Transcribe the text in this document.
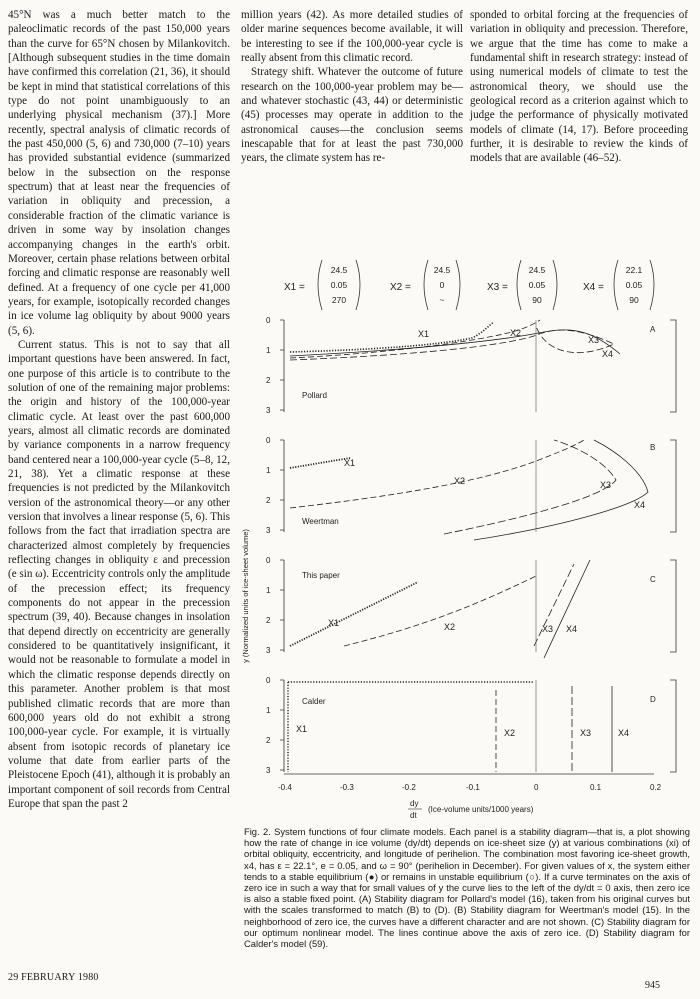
45°N was a much better match to the paleoclimatic records of the past 150,000 years than the curve for 65°N chosen by Milankovitch. [Although subsequent studies in the time domain have confirmed this correlation (21, 36), it should be kept in mind that statistical correlations of this type do not point unambiguously to an underlying physical mechanism (37).] More recently, spectral analysis of climatic records of the past 450,000 (5, 6) and 730,000 (7–10) years has provided substantial evidence (summarized below in the subsection on the response spectrum) that at least near the frequencies of variation in obliquity and precession, a considerable fraction of the climatic variance is driven in some way by insolation changes accompanying changes in the earth's orbit. Moreover, certain phase relations between orbital forcing and climatic response are reasonably well defined. At a frequency of one cycle per 41,000 years, for example, isotopically recorded changes in ice volume lag obliquity by about 9000 years (5, 6).

Current status. This is not to say that all important questions have been answered. In fact, one purpose of this article is to contribute to the solution of one of the remaining major problems: the origin and history of the 100,000-year climatic cycle. At least over the past 600,000 years, almost all climatic records are dominated by variance components in a narrow frequency band centered near a 100,000-year cycle (5–8, 12, 21, 38). Yet a climatic response at these frequencies is not predicted by the Milankovitch version of the astronomical theory—or any other version that involves a linear response (5, 6). This follows from the fact that irradiation spectra are characterized almost completely by frequencies reflecting changes in obliquity ε and precession (e sin ω). Eccentricity controls only the amplitude of the precession effect; its frequency components do not appear in the precession spectrum (39, 40). Because changes in insolation that depend directly on eccentricity are generally considered to be quantitatively insignificant, it would not be reasonable to formulate a model in which the climatic response depends directly on this parameter. Another problem is that most published climatic records that are more than 600,000 years old do not exhibit a strong 100,000-year cycle. For example, it is virtually absent from isotopic records of planetary ice volume that date from earlier parts of the Pleistocene Epoch (41), although it is probably an important component of soil records from Central Europe that span the past 2

million years (42). As more detailed studies of older marine sequences become available, it will be interesting to see if the 100,000-year cycle is really absent from this climatic record.

Strategy shift. Whatever the outcome of future research on the 100,000-year problem may be—and whatever stochastic (43, 44) or deterministic (45) processes may operate in addition to the astronomical causes—the conclusion seems inescapable that for at least the past 730,000 years, the climate system has re-

sponded to orbital forcing at the frequencies of variation in obliquity and precession. Therefore, we argue that the time has come to make a fundamental shift in research strategy: instead of using numerical models of climate to test the astronomical theory, we should use the geological record as a criterion against which to judge the performance of physically motivated models of climate (14, 17). Before proceeding further, it is desirable to review the kinds of models that are available (46–52).

X1 =
24.5
0.05
270
X2 =
24.5
0
~
X3 =
24.5
0.05
90
X4 =
22.1
0.05
90
y (Normalized units of ice-sheet volume)
0
1
2
3
A
Pollard
X1	X2
X3
X4
0
1
2
3
B
Weertman
X1
X2	X3
X4
0
1
2
3
C
This paper
X1	X2	X3 X4
0
1
2
3
D
Calder
X1	X2	X3	X4
-0.4	-0.3	-0.2	-0.1	0	0.1	0.2
dy
dt
(Ice-volume units/1000 years)
Fig. 2. System functions of four climate models. Each panel is a stability diagram—that is, a plot showing how the rate of change in ice volume (dy/dt) depends on ice-sheet size (y) at various combinations (xi) of orbital obliquity, eccentricity, and longitude of perihelion. The combination most favoring ice-sheet growth, x4, has ε = 22.1°, e = 0.05, and ω = 90° (perihelion in December). For given values of x, the system either tends to a stable equilibrium (●) or remains in unstable equilibrium (○). If a curve terminates on the axis of zero ice in such a way that for small values of y the curve lies to the left of the dy/dt = 0 axis, then zero ice is also a stable fixed point. (A) Stability diagram for Pollard's model (16), taken from his original curves but with the scales transformed to match (B) to (D). (B) Stability diagram for Weertman's model (15). In the neighborhood of zero ice, the curves have a different character and are not shown. (C) Stability diagram for our optimum nonlinear model. The lines continue above the axis of zero ice. (D) Stability diagram for Calder's model (59).
29 FEBRUARY 1980
945
